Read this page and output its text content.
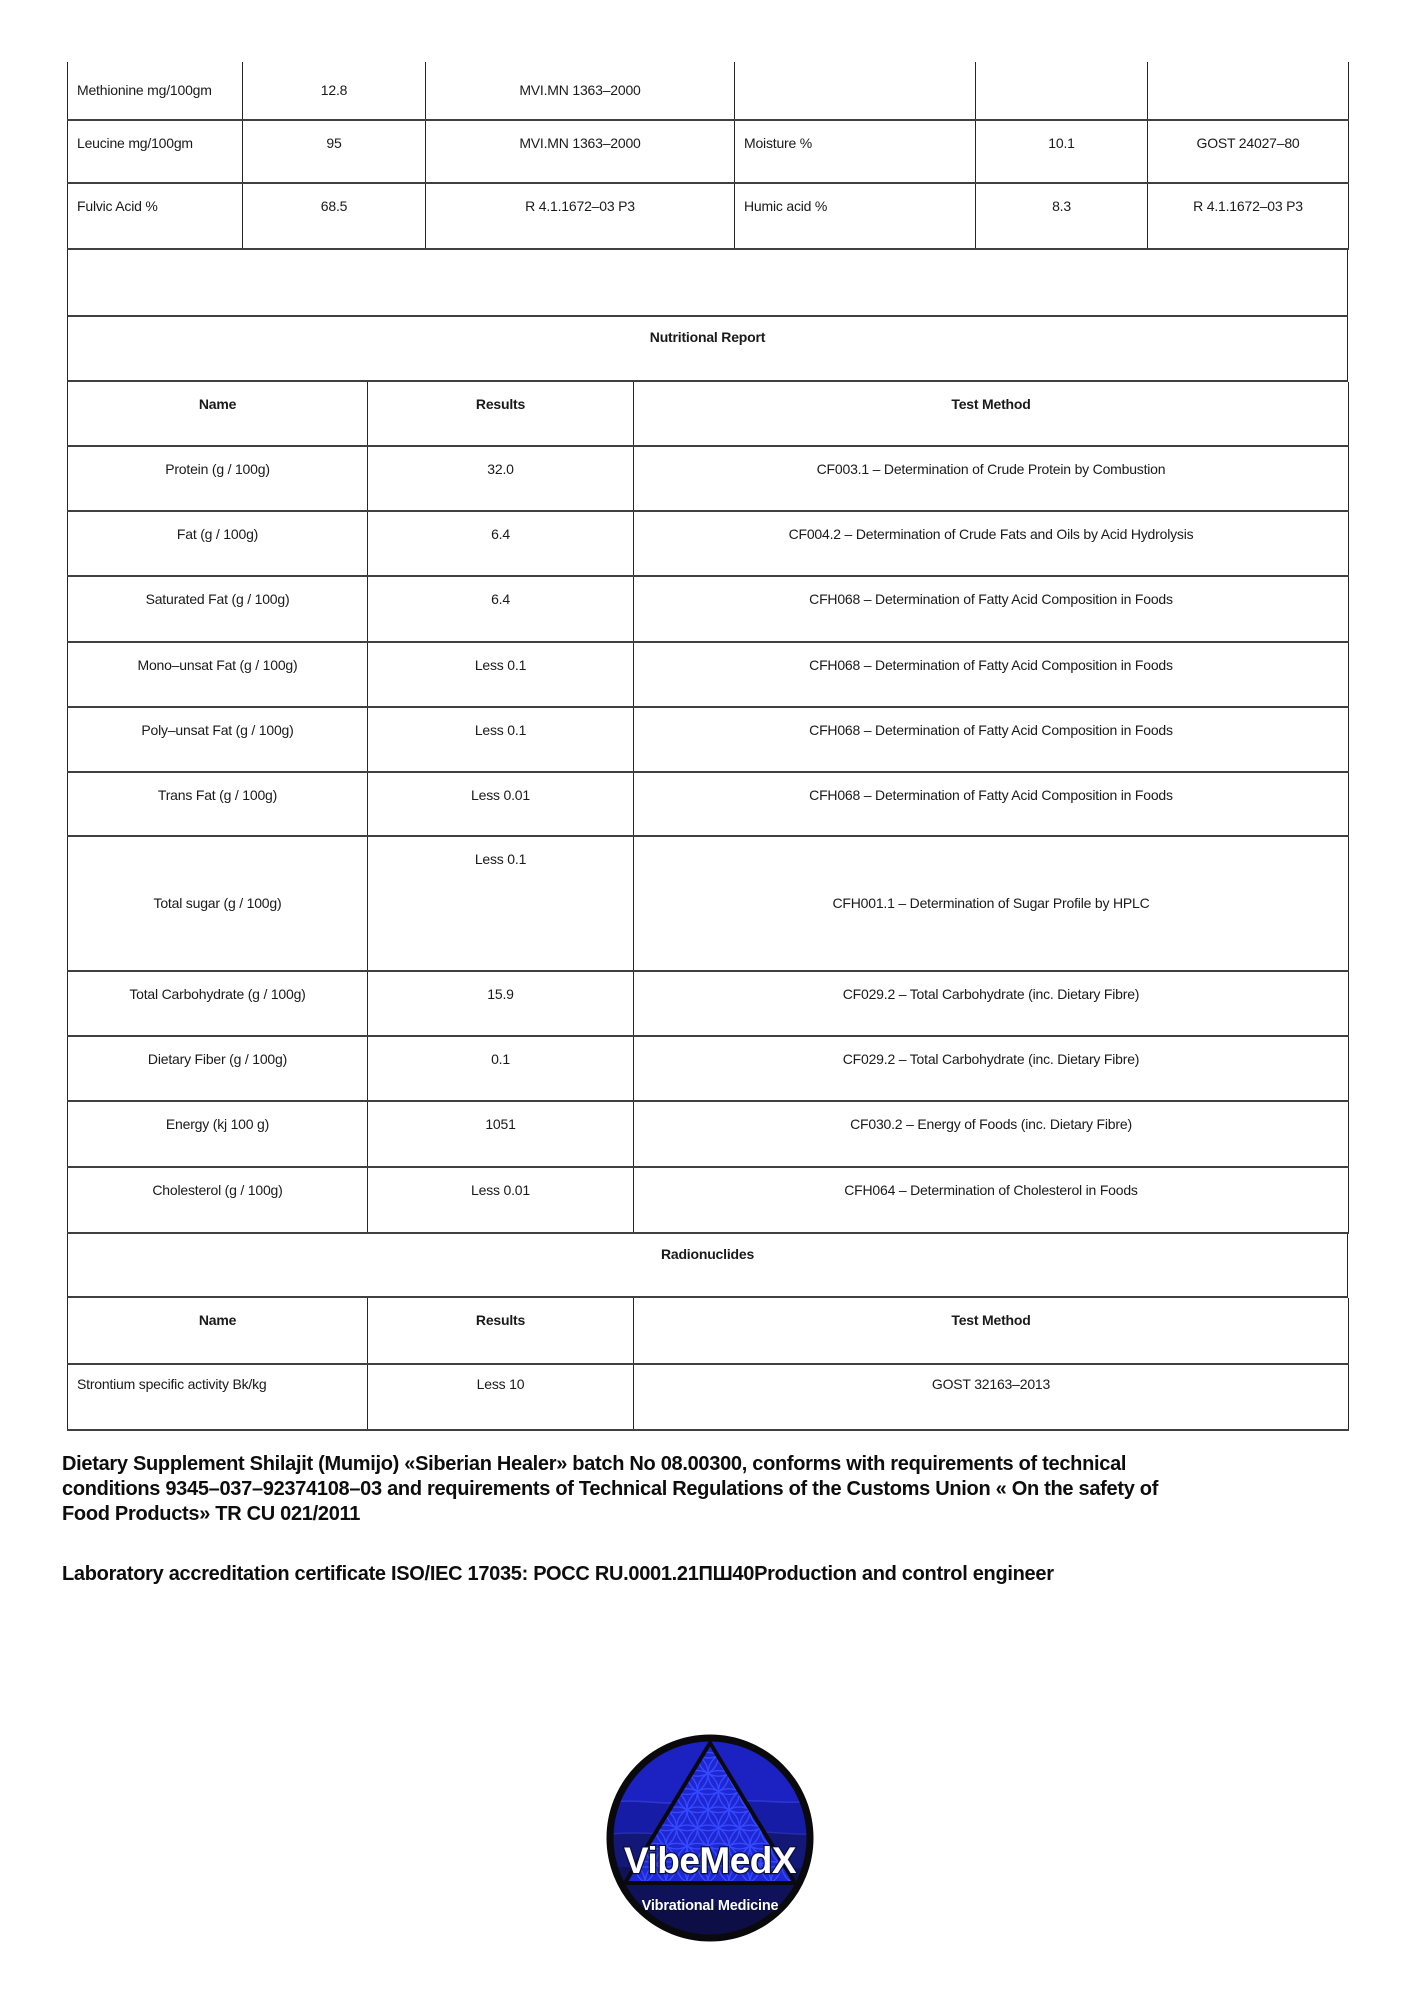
Methionine mg/100gm	12.8	MVI.MN 1363–2000			
Leucine mg/100gm	95	MVI.MN 1363–2000	Moisture %	10.1	GOST 24027–80
Fulvic Acid %	68.5	R 4.1.1672–03 P3	Humic acid %	8.3	R 4.1.1672–03 P3
Nutritional Report
Name	Results	Test Method
Protein (g / 100g)	32.0	CF003.1 – Determination of Crude Protein by Combustion
Fat (g / 100g)	6.4	CF004.2 – Determination of Crude Fats and Oils by Acid Hydrolysis
Saturated Fat (g / 100g)	6.4	CFH068 – Determination of Fatty Acid Composition in Foods
Mono–unsat Fat (g / 100g)	Less 0.1	CFH068 – Determination of Fatty Acid Composition in Foods
Poly–unsat Fat (g / 100g)	Less 0.1	CFH068 – Determination of Fatty Acid Composition in Foods
Trans Fat (g / 100g)	Less 0.01	CFH068 – Determination of Fatty Acid Composition in Foods
Total sugar (g / 100g)	Less 0.1	CFH001.1 – Determination of Sugar Profile by HPLC
Total Carbohydrate (g / 100g)	15.9	CF029.2 – Total Carbohydrate (inc. Dietary Fibre)
Dietary Fiber (g / 100g)	0.1	CF029.2 – Total Carbohydrate (inc. Dietary Fibre)
Energy (kj 100 g)	1051	CF030.2 – Energy of Foods (inc. Dietary Fibre)
Cholesterol (g / 100g)	Less 0.01	CFH064 – Determination of Cholesterol in Foods
Radionuclides
Name	Results	Test Method
Strontium specific activity Bk/kg	Less 10	GOST 32163–2013
Dietary Supplement Shilajit (Mumijo) «Siberian Healer» batch No 08.00300, conforms with requirements of technical
conditions 9345–037–92374108–03 and requirements of Technical Regulations of the Customs Union « On the safety of
Food Products» TR CU 021/2011
Laboratory accreditation certificate ISO/IEC 17035: РОСС RU.0001.21ПШ40Production and control engineer
VibeMedX
Vibrational Medicine
